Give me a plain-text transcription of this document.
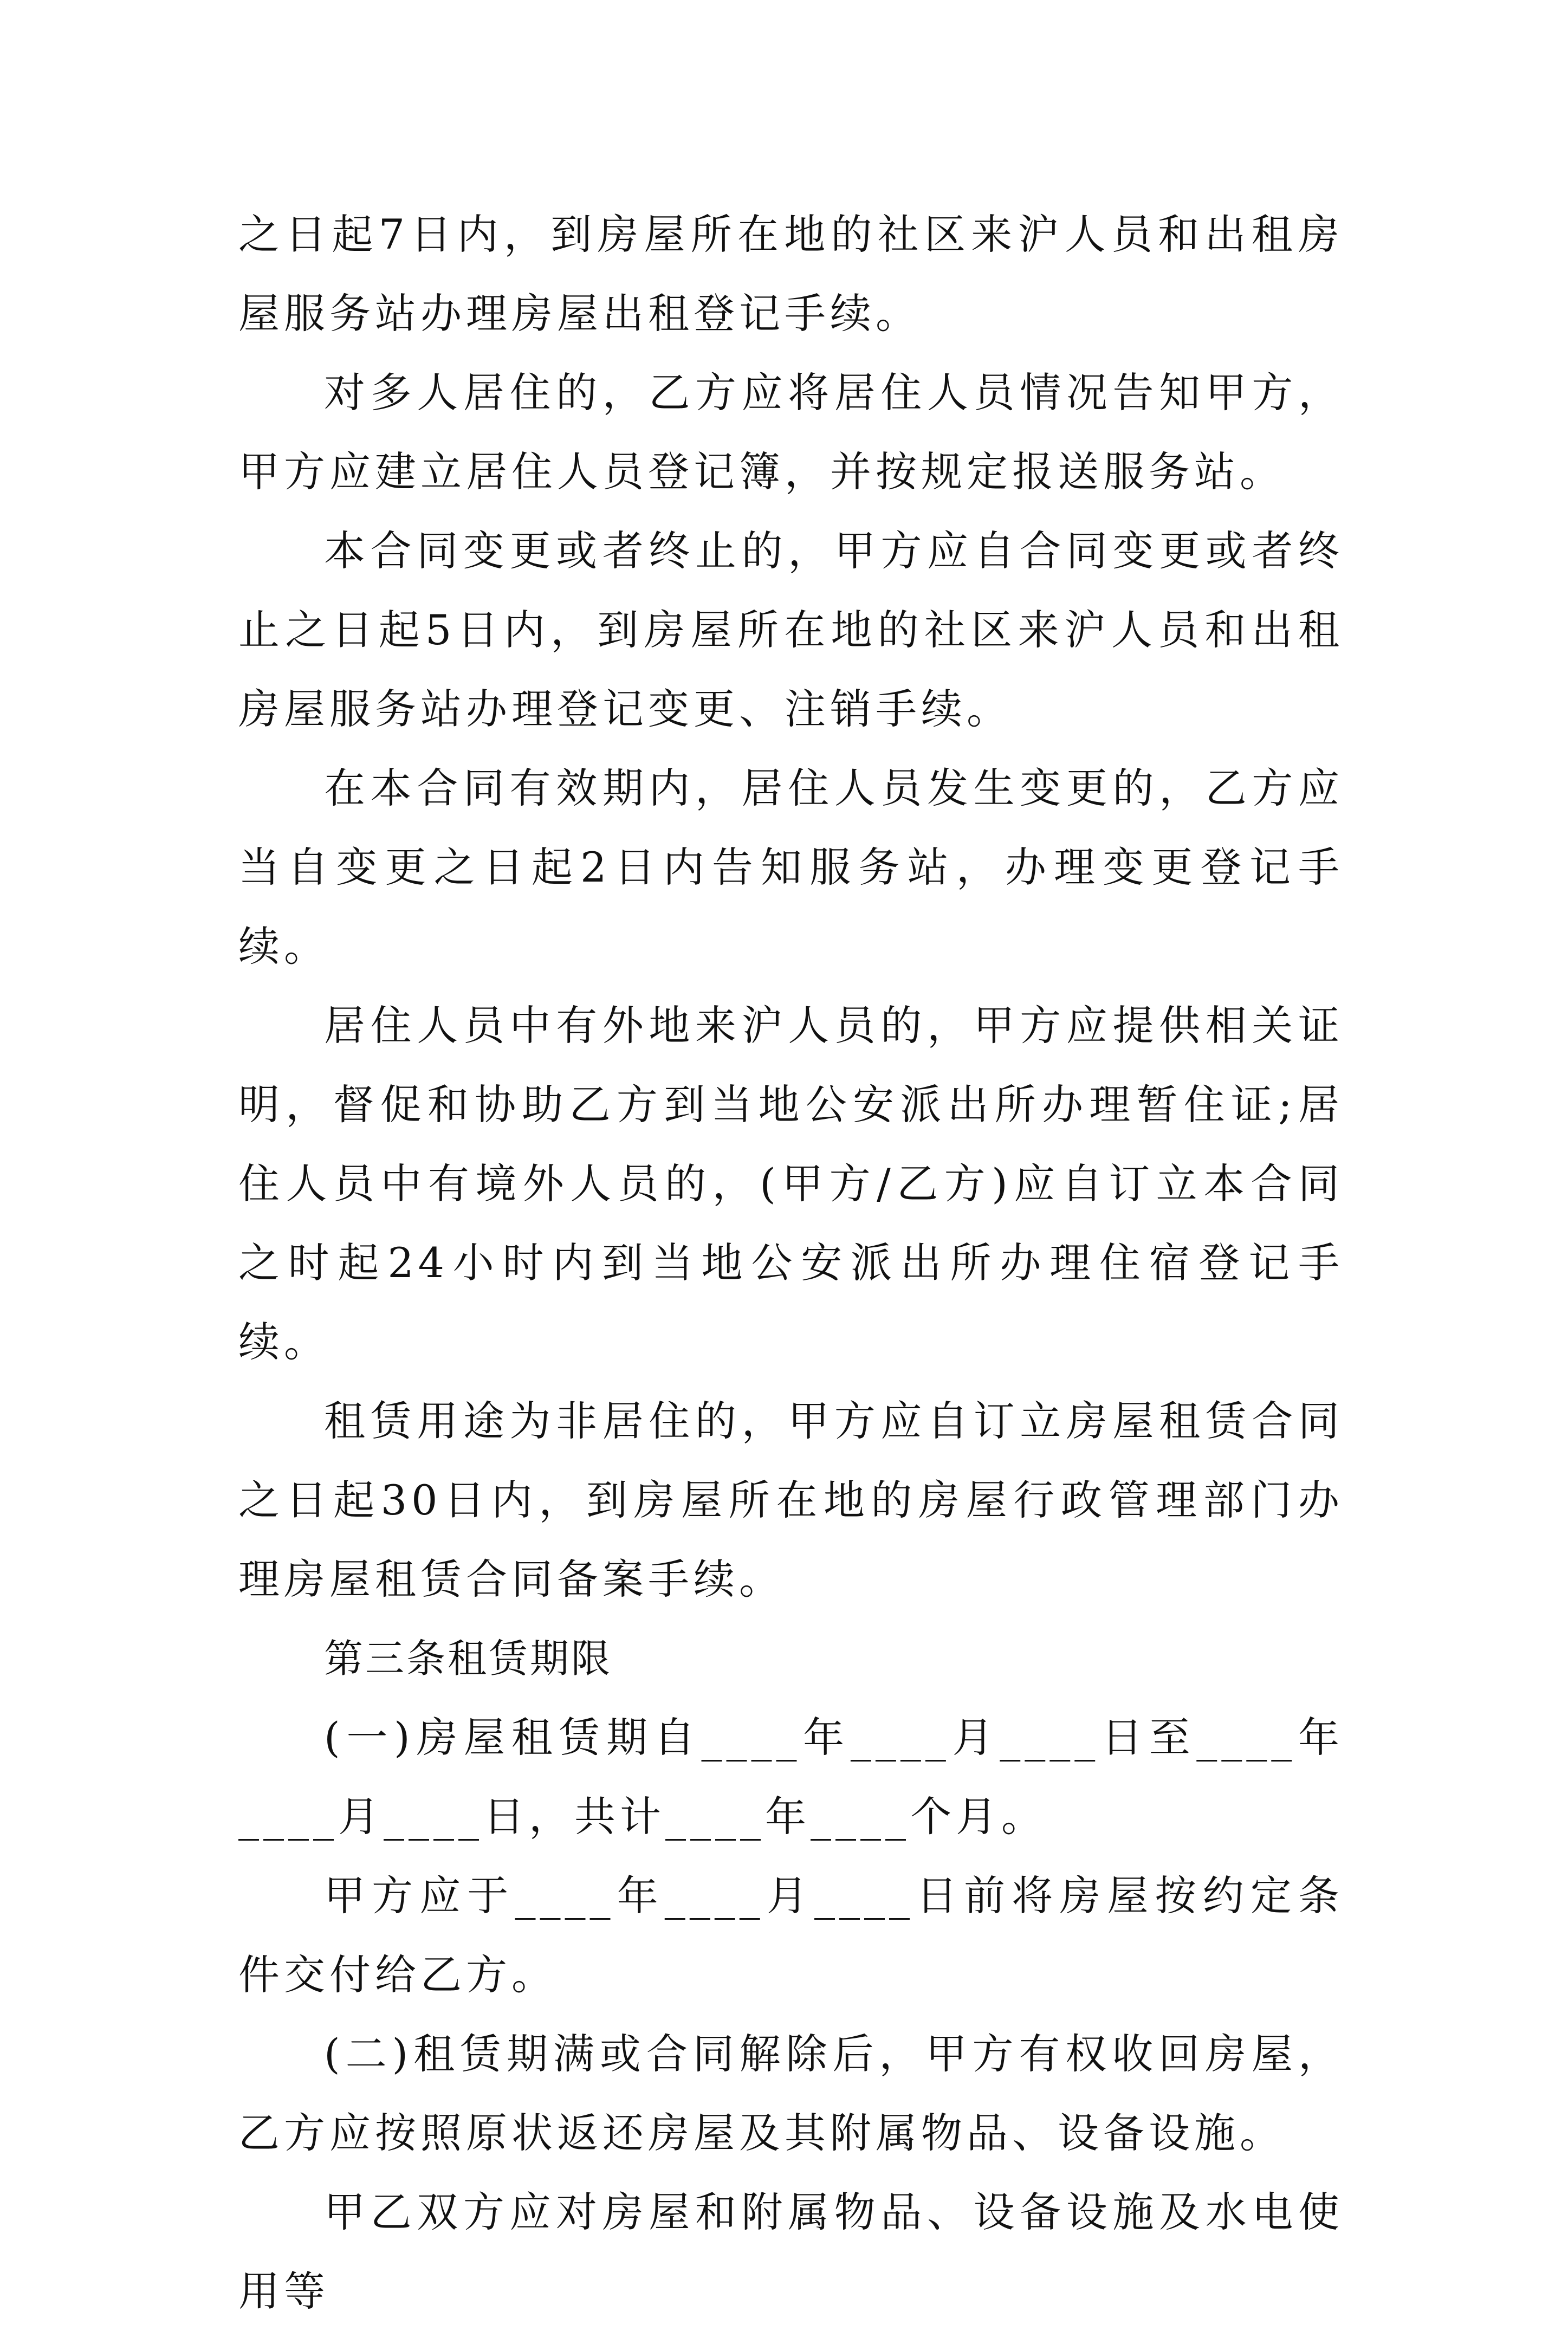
之日起7日内，到房屋所在地的社区来沪人员和出租房屋服务站办理房屋出租登记手续。

对多人居住的，乙方应将居住人员情况告知甲方，甲方应建立居住人员登记簿，并按规定报送服务站。

本合同变更或者终止的，甲方应自合同变更或者终止之日起5日内，到房屋所在地的社区来沪人员和出租房屋服务站办理登记变更、注销手续。

在本合同有效期内，居住人员发生变更的，乙方应当自变更之日起2日内告知服务站，办理变更登记手续。

居住人员中有外地来沪人员的，甲方应提供相关证明，督促和协助乙方到当地公安派出所办理暂住证;居住人员中有境外人员的，(甲方/乙方)应自订立本合同之时起24小时内到当地公安派出所办理住宿登记手续。

租赁用途为非居住的，甲方应自订立房屋租赁合同之日起30日内，到房屋所在地的房屋行政管理部门办理房屋租赁合同备案手续。

第三条租赁期限

(一)房屋租赁期自____年____月____日至____年____月____日，共计____年____个月。

甲方应于____年____月____日前将房屋按约定条件交付给乙方。

(二)租赁期满或合同解除后，甲方有权收回房屋，乙方应按照原状返还房屋及其附属物品、设备设施。

甲乙双方应对房屋和附属物品、设备设施及水电使用等
